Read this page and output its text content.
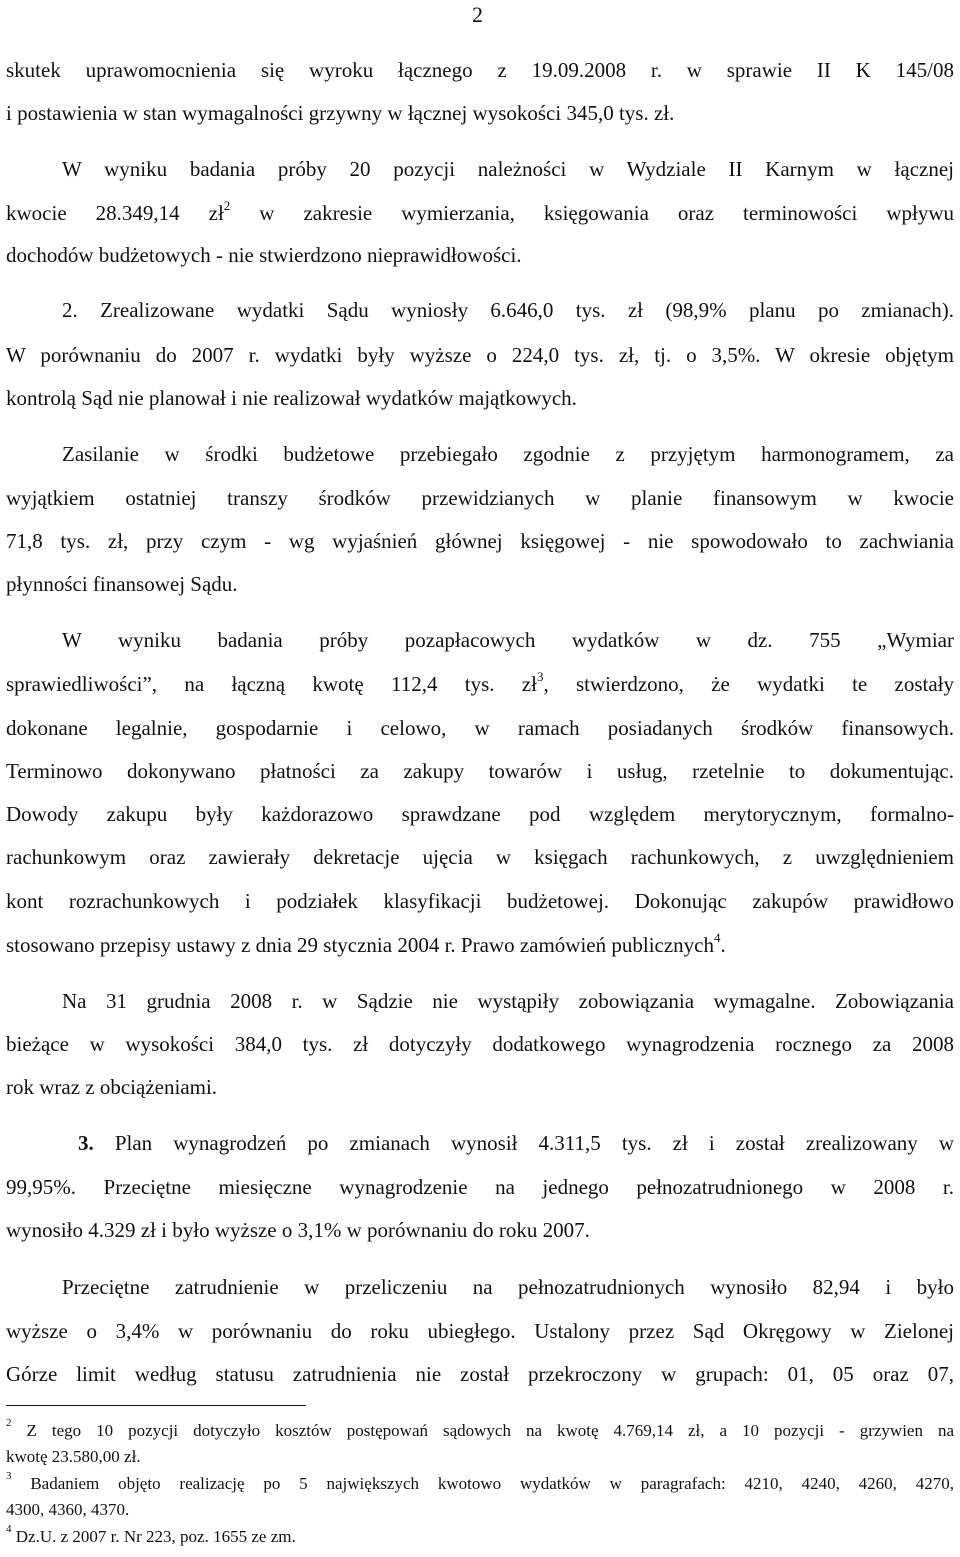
2
skutek uprawomocnienia się wyroku łącznego z 19.09.2008 r. w sprawie II K 145/08
i postawienia w stan wymagalności grzywny w łącznej wysokości 345,0 tys. zł.
W wyniku badania próby 20 pozycji należności w Wydziale II Karnym w łącznej
kwocie 28.349,14 $zł^2$ w zakresie wymierzania, księgowania oraz terminowości wpływu
dochodów budżetowych - nie stwierdzono nieprawidłowości.
2. Zrealizowane wydatki Sądu wyniosły 6.646,0 tys. zł (98,9% planu po zmianach).
W porównaniu do 2007 r. wydatki były wyższe o 224,0 tys. zł, tj. o 3,5%. W okresie objętym
kontrolą Sąd nie planował i nie realizował wydatków majątkowych.
Zasilanie w środki budżetowe przebiegało zgodnie z przyjętym harmonogramem, za
wyjątkiem ostatniej transzy środków przewidzianych w planie finansowym w kwocie
71,8 tys. zł, przy czym - wg wyjaśnień głównej księgowej - nie spowodowało to zachwiania
płynności finansowej Sądu.
W wyniku badania próby pozapłacowych wydatków w dz. 755 „Wymiar
sprawiedliwości”, na łączną kwotę 112,4 tys. $zł^3$, stwierdzono, że wydatki te zostały
dokonane legalnie, gospodarnie i celowo, w ramach posiadanych środków finansowych.
Terminowo dokonywano płatności za zakupy towarów i usług, rzetelnie to dokumentując.
Dowody zakupu były każdorazowo sprawdzane pod względem merytorycznym, formalno-
rachunkowym oraz zawierały dekretacje ujęcia w księgach rachunkowych, z uwzględnieniem
kont rozrachunkowych i podziałek klasyfikacji budżetowej. Dokonując zakupów prawidłowo
stosowano przepisy ustawy z dnia 29 stycznia 2004 r. Prawo zamówień publicznych$^4$.
Na 31 grudnia 2008 r. w Sądzie nie wystąpiły zobowiązania wymagalne. Zobowiązania
bieżące w wysokości 384,0 tys. zł dotyczyły dodatkowego wynagrodzenia rocznego za 2008
rok wraz z obciążeniami.
3. Plan wynagrodzeń po zmianach wynosił 4.311,5 tys. zł i został zrealizowany w
99,95%. Przeciętne miesięczne wynagrodzenie na jednego pełnozatrudnionego w 2008 r.
wynosiło 4.329 zł i było wyższe o 3,1% w porównaniu do roku 2007.
Przeciętne zatrudnienie w przeliczeniu na pełnozatrudnionych wynosiło 82,94 i było
wyższe o 3,4% w porównaniu do roku ubiegłego. Ustalony przez Sąd Okręgowy w Zielonej
Górze limit według statusu zatrudnienia nie został przekroczony w grupach: 01, 05 oraz 07,
$^2$ Z tego 10 pozycji dotyczyło kosztów postępowań sądowych na kwotę 4.769,14 zł, a 10 pozycji - grzywien na
kwotę 23.580,00 zł.
$^3$ Badaniem objęto realizację po 5 największych kwotowo wydatków w paragrafach: 4210, 4240, 4260, 4270,
4300, 4360, 4370.
$^4$ Dz.U. z 2007 r. Nr 223, poz. 1655 ze zm.
